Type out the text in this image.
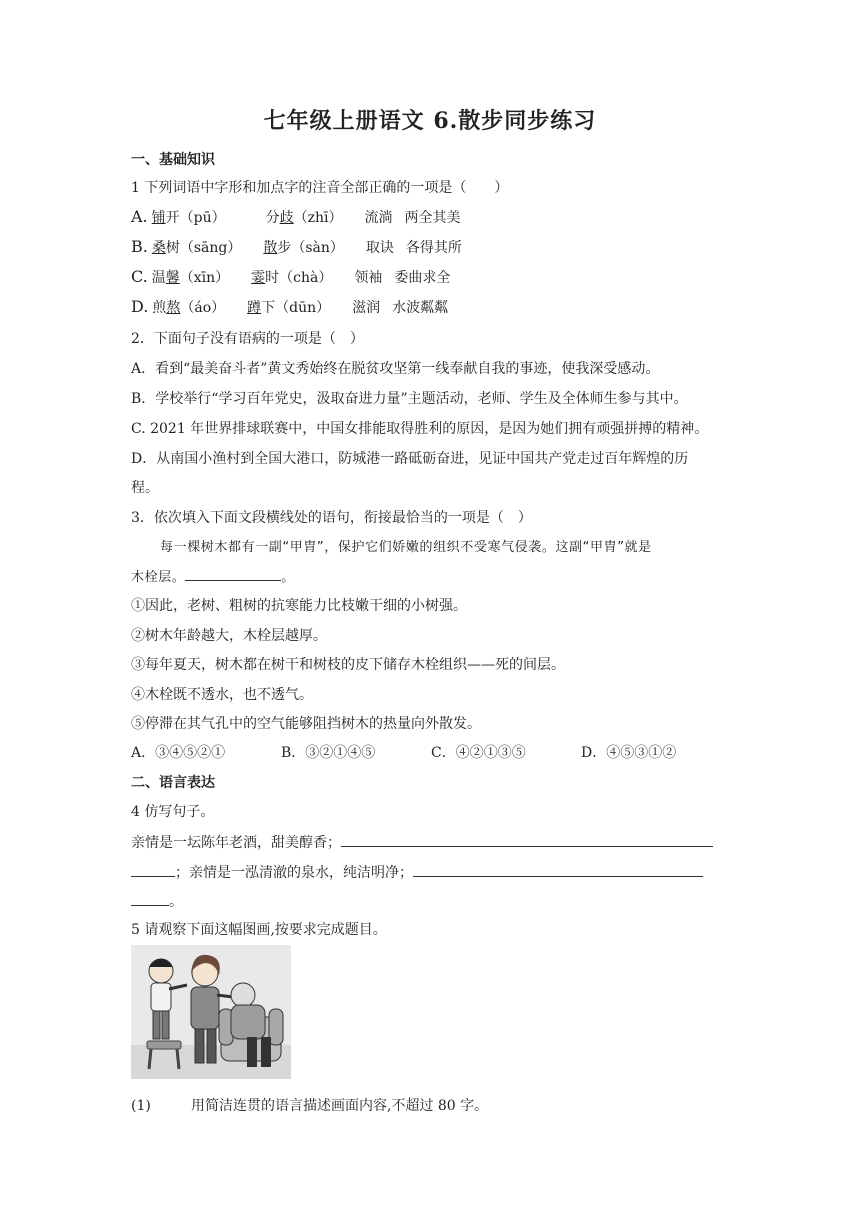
七年级上册语文 6.散步同步练习
一、基础知识
1 下列词语中字形和加点字的注音全部正确的一项是（　　）
A. 铺开（pū）	分歧（zhī） 流淌 两全其美
B. 桑树（sāng） 散步（sàn） 取诀 各得其所
C. 温馨（xīn） 霎时（chà） 领袖 委曲求全
D. 煎熬（áo） 蹲下（dūn） 滋润 水波粼粼
2．下面句子没有语病的一项是（　）
A．看到“最美奋斗者”黄文秀始终在脱贫攻坚第一线奉献自我的事迹，使我深受感动。
B．学校举行“学习百年党史，汲取奋进力量”主题活动，老师、学生及全体师生参与其中。
C. 2021 年世界排球联赛中，中国女排能取得胜利的原因，是因为她们拥有顽强拼搏的精神。
D．从南国小渔村到全国大港口，防城港一路砥砺奋进，见证中国共产党走过百年辉煌的历
程。
3．依次填入下面文段横线处的语句，衔接最恰当的一项是（　）
每一棵树木都有一副“甲胄”，保护它们娇嫩的组织不受寒气侵袭。这副“甲胄”就是
木栓层。	。
①因此，老树、粗树的抗寒能力比枝嫩干细的小树强。
②树木年龄越大，木栓层越厚。
③每年夏天，树木都在树干和树枝的皮下储存木栓组织——死的间层。
④木栓既不透水，也不透气。
⑤停滞在其气孔中的空气能够阻挡树木的热量向外散发。
A．③④⑤②①	B．③②①④⑤	C．④②①③⑤	D．④⑤③①②
二、语言表达
4 仿写句子。
亲情是一坛陈年老酒，甜美醇香；
；亲情是一泓清澈的泉水，纯洁明净；
。
5 请观察下面这幅图画,按要求完成题目。
(1)	用简洁连贯的语言描述画面内容,不超过 80 字。
